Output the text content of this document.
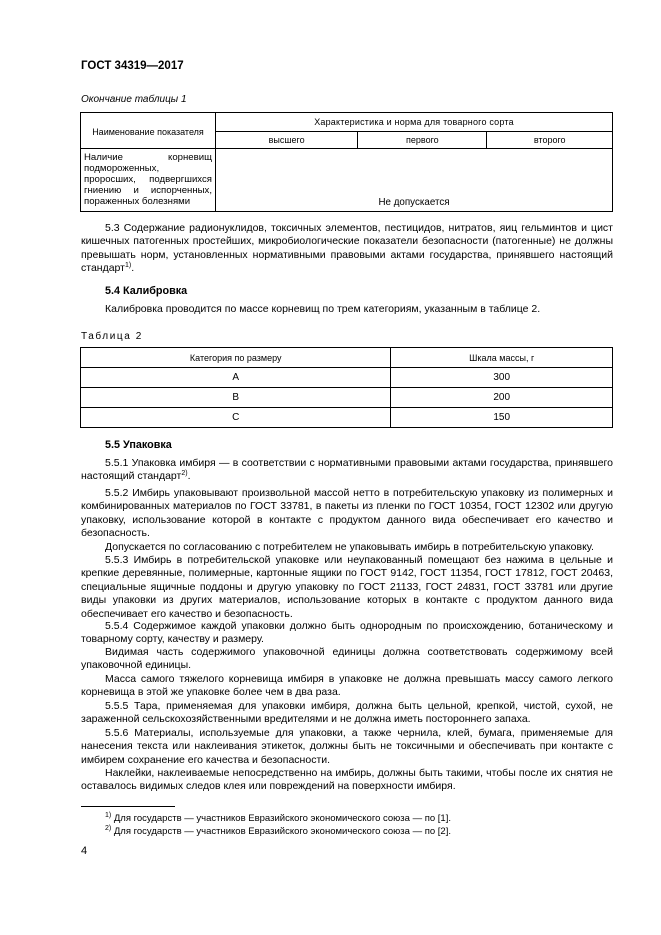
ГОСТ 34319—2017
Окончание таблицы 1
Наименование показателя	Характеристика и норма для товарного сорта		
	высшего	первого	второго
Наличие корневищ подмороженных, проросших, подвергшихся гниению и испорченных, пораженных болезнями	Не допускается		
5.3 Содержание радионуклидов, токсичных элементов, пестицидов, нитратов, яиц гельминтов и цист кишечных патогенных простейших, микробиологические показатели безопасности (патогенные) не должны превышать норм, установленных нормативными правовыми актами государства, принявшего настоящий стандарт$^{1)}$.
5.4 Калибровка
Калибровка проводится по массе корневищ по трем категориям, указанным в таблице 2.
Таблица 2
Категория по размеру	Шкала массы, г
А	300
В	200
С	150
5.5 Упаковка
5.5.1 Упаковка имбиря — в соответствии с нормативными правовыми актами государства, принявшего настоящий стандарт$^{2)}$.
5.5.2 Имбирь упаковывают произвольной массой нетто в потребительскую упаковку из полимерных и комбинированных материалов по ГОСТ 33781, в пакеты из пленки по ГОСТ 10354, ГОСТ 12302 или другую упаковку, использование которой в контакте с продуктом данного вида обеспечивает его качество и безопасность.
Допускается по согласованию с потребителем не упаковывать имбирь в потребительскую упаковку.
5.5.3 Имбирь в потребительской упаковке или неупакованный помещают без нажима в цельные и крепкие деревянные, полимерные, картонные ящики по ГОСТ 9142, ГОСТ 11354, ГОСТ 17812, ГОСТ 20463, специальные ящичные поддоны и другую упаковку по ГОСТ 21133, ГОСТ 24831, ГОСТ 33781 или другие виды упаковки из других материалов, использование которых в контакте с продуктом данного вида обеспечивает его качество и безопасность.
5.5.4 Содержимое каждой упаковки должно быть однородным по происхождению, ботаническому и товарному сорту, качеству и размеру.
Видимая часть содержимого упаковочной единицы должна соответствовать содержимому всей упаковочной единицы.
Масса самого тяжелого корневища имбиря в упаковке не должна превышать массу самого легкого корневища в этой же упаковке более чем в два раза.
5.5.5 Тара, применяемая для упаковки имбиря, должна быть цельной, крепкой, чистой, сухой, не зараженной сельскохозяйственными вредителями и не должна иметь постороннего запаха.
5.5.6 Материалы, используемые для упаковки, а также чернила, клей, бумага, применяемые для нанесения текста или наклеивания этикеток, должны быть не токсичными и обеспечивать при контакте с имбирем сохранение его качества и безопасности.
Наклейки, наклеиваемые непосредственно на имбирь, должны быть такими, чтобы после их снятия не оставалось видимых следов клея или повреждений на поверхности имбиря.
$^{1)}$ Для государств — участников Евразийского экономического союза — по [1].
$^{2)}$ Для государств — участников Евразийского экономического союза — по [2].
4
